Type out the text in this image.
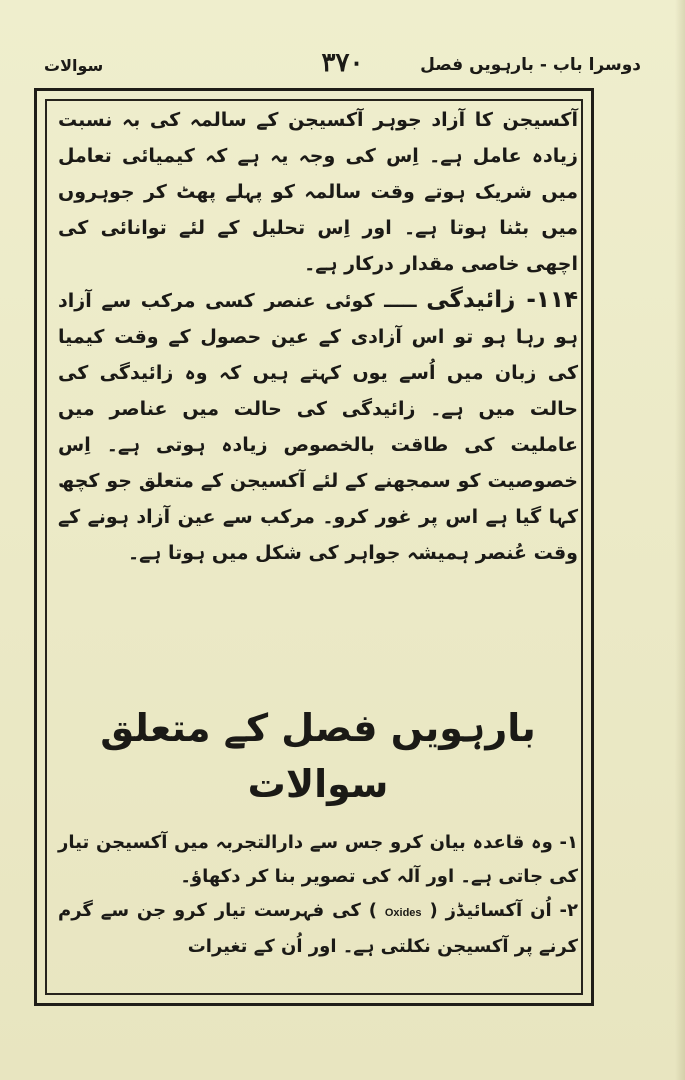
دوسرا باب - بارہویں فصل
۳۷۰
سوالات

آکسیجن کا آزاد جوہر آکسیجن کے سالمہ کی بہ نسبت زیادہ عامل ہے۔ اِس کی وجہ یہ ہے کہ کیمیائی تعامل میں شریک ہوتے وقت سالمہ کو پہلے پھٹ کر جوہروں میں بٹنا ہوتا ہے۔ اور اِس تحلیل کے لئے توانائی کی اچھی خاصی مقدار درکار ہے۔

۱۱۴- زائیدگی ـــــ کوئی عنصر کسی مرکب سے آزاد ہو رہا ہو تو اس آزادی کے عین حصول کے وقت کیمیا کی زبان میں اُسے یوں کہتے ہیں کہ وہ زائیدگی کی حالت میں ہے۔ زائیدگی کی حالت میں عناصر میں عاملیت کی طاقت بالخصوص زیادہ ہوتی ہے۔ اِس خصوصیت کو سمجھنے کے لئے آکسیجن کے متعلق جو کچھ کہا گیا ہے اس پر غور کرو۔ مرکب سے عین آزاد ہونے کے وقت عُنصر ہمیشہ جواہر کی شکل میں ہوتا ہے۔

بارہویں فصل کے متعلق سوالات

۱- وہ قاعدہ بیان کرو جس سے دارالتجربہ میں آکسیجن تیار کی جاتی ہے۔ اور آلہ کی تصویر بنا کر دکھاؤ۔

۲- اُن آکسائیڈز ( Oxides ) کی فہرست تیار کرو جن سے گرم کرنے پر آکسیجن نکلتی ہے۔ اور اُن کے تغیرات
